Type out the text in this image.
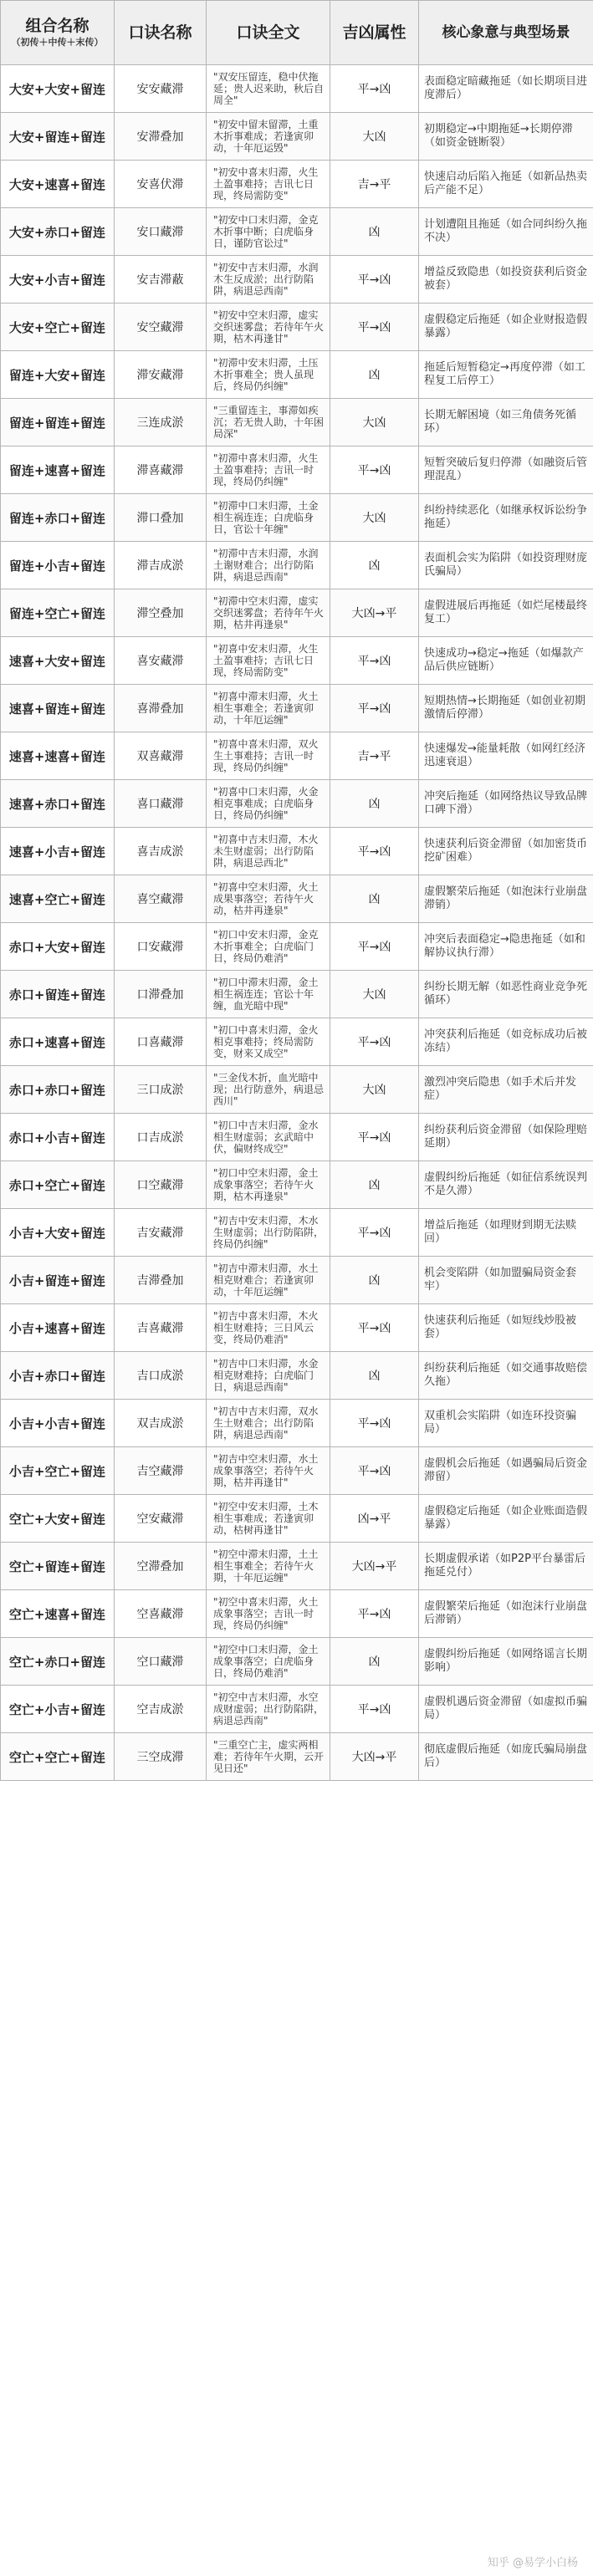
组合名称
（初传＋中传＋末传）	口诀名称	口诀全文	吉凶属性	核心象意与典型场景

大安+大安+留连	安安藏滞	"双安压留连，稳中伏拖延；贵人迟来助，秋后自周全"	平→凶	表面稳定暗藏拖延（如长期项目进度滞后）
大安+留连+留连	安滞叠加	"初安中留末留滞，土重木折事难成；若逢寅卯动，十年厄运毁"	大凶	初期稳定→中期拖延→长期停滞（如资金链断裂）
大安+速喜+留连	安喜伏滞	"初安中喜末归滞，火生土盈事难持；吉讯七日现，终局需防变"	吉→平	快速启动后陷入拖延（如新品热卖后产能不足）
大安+赤口+留连	安口藏滞	"初安中口末归滞，金克木折事中断；白虎临身日，谨防官讼过"	凶	计划遭阻且拖延（如合同纠纷久拖不决）
大安+小吉+留连	安吉滞蔽	"初安中吉末归滞，水润木生反成淤；出行防陷阱，病退忌西南"	平→凶	增益反致隐患（如投资获利后资金被套）
大安+空亡+留连	安空藏滞	"初安中空末归滞，虚实交织迷雾盘；若待年午火期，枯木再逢甘"	平→凶	虚假稳定后拖延（如企业财报造假暴露）
留连+大安+留连	滞安藏滞	"初滞中安末归滞，土压木折事难全；贵人虽现后，终局仍纠缠"	凶	拖延后短暂稳定→再度停滞（如工程复工后停工）
留连+留连+留连	三连成淤	"三重留连主，事滞如疾沉；若无贵人助，十年困局深"	大凶	长期无解困境（如三角债务死循环）
留连+速喜+留连	滞喜藏滞	"初滞中喜末归滞，火生土盈事难持；吉讯一时现，终局仍纠缠"	平→凶	短暂突破后复归停滞（如融资后管理混乱）
留连+赤口+留连	滞口叠加	"初滞中口末归滞，土金相生祸连连；白虎临身日，官讼十年缠"	大凶	纠纷持续恶化（如继承权诉讼纷争拖延）
留连+小吉+留连	滞吉成淤	"初滞中吉末归滞，水润土谢财难合；出行防陷阱，病退忌西南"	凶	表面机会实为陷阱（如投资理财庞氏骗局）
留连+空亡+留连	滞空叠加	"初滞中空末归滞，虚实交织迷雾盘；若待年午火期，枯井再逢泉"	大凶→平	虚假进展后再拖延（如烂尾楼最终复工）
速喜+大安+留连	喜安藏滞	"初喜中安末归滞，火生土盈事难持；吉讯七日现，终局需防变"	平→凶	快速成功→稳定→拖延（如爆款产品后供应链断）
速喜+留连+留连	喜滞叠加	"初喜中滞末归滞，火土相生事难全；若逢寅卯动，十年厄运缠"	平→凶	短期热情→长期拖延（如创业初期激情后停滞）
速喜+速喜+留连	双喜藏滞	"初喜中喜末归滞，双火生土事难持；吉讯一时现，终局仍纠缠"	吉→平	快速爆发→能量耗散（如网红经济迅速衰退）
速喜+赤口+留连	喜口藏滞	"初喜中口末归滞，火金相克事难成；白虎临身日，终局仍纠缠"	凶	冲突后拖延（如网络热议导致品牌口碑下滑）
速喜+小吉+留连	喜吉成淤	"初喜中吉末归滞，木火未生财虚弱；出行防陷阱，病退忌西北"	平→凶	快速获利后资金滞留（如加密货币挖矿困难）
速喜+空亡+留连	喜空藏滞	"初喜中空末归滞，火土成果事落空；若待午火动，枯井再逢泉"	凶	虚假繁荣后拖延（如泡沫行业崩盘滞销）
赤口+大安+留连	口安藏滞	"初口中安末归滞，金克木折事难全；白虎临门日，终局仍难消"	平→凶	冲突后表面稳定→隐患拖延（如和解协议执行滞）
赤口+留连+留连	口滞叠加	"初口中滞末归滞，金土相生祸连连；官讼十年缠，血光暗中现"	大凶	纠纷长期无解（如恶性商业竞争死循环）
赤口+速喜+留连	口喜藏滞	"初口中喜末归滞，金火相克事难持；终局需防变，财来又成空"	平→凶	冲突获利后拖延（如竞标成功后被冻结）
赤口+赤口+留连	三口成淤	"三金伐木折，血光暗中现；出行防意外，病退忌西川"	大凶	激烈冲突后隐患（如手术后并发症）
赤口+小吉+留连	口吉成淤	"初口中吉末归滞，金水相生财虚弱；玄武暗中伏，偏财终成空"	平→凶	纠纷获利后资金滞留（如保险理赔延期）
赤口+空亡+留连	口空藏滞	"初口中空末归滞，金土成象事落空；若待午火期，枯木再逢泉"	凶	虚假纠纷后拖延（如征信系统误判不是久滞）
小吉+大安+留连	吉安藏滞	"初吉中安末归滞，木水生财虚弱；出行防陷阱，终局仍纠缠"	平→凶	增益后拖延（如理财到期无法赎回）
小吉+留连+留连	吉滞叠加	"初吉中滞末归滞，水土相克财难合；若逢寅卯动，十年厄运缠"	凶	机会变陷阱（如加盟骗局资金套牢）
小吉+速喜+留连	吉喜藏滞	"初吉中喜末归滞，木火相生财难持；三日风云变，终局仍难消"	平→凶	快速获利后拖延（如短线炒股被套）
小吉+赤口+留连	吉口成淤	"初吉中口末归滞，水金相克财难持；白虎临门日，病退忌西南"	凶	纠纷获利后拖延（如交通事故赔偿久拖）
小吉+小吉+留连	双吉成淤	"初吉中吉末归滞，双水生土财难合；出行防陷阱，病退忌西南"	平→凶	双重机会实陷阱（如连环投资骗局）
小吉+空亡+留连	吉空藏滞	"初吉中空末归滞，水土成象事落空；若待午火期，枯井再逢甘"	平→凶	虚假机会后拖延（如遇骗局后资金滞留）
空亡+大安+留连	空安藏滞	"初空中安末归滞，土木相生事难成；若逢寅卯动，枯树再逢甘"	凶→平	虚假稳定后拖延（如企业账面造假暴露）
空亡+留连+留连	空滞叠加	"初空中滞末归滞，土土相生事难全；若待午火期，十年厄运缠"	大凶→平	长期虚假承诺（如P2P平台暴雷后拖延兑付）
空亡+速喜+留连	空喜藏滞	"初空中喜末归滞，火土成象事落空；吉讯一时现，终局仍纠缠"	平→凶	虚假繁荣后拖延（如泡沫行业崩盘后滞销）
空亡+赤口+留连	空口藏滞	"初空中口末归滞，金土成象事落空；白虎临身日，终局仍难消"	凶	虚假纠纷后拖延（如网络谣言长期影响）
空亡+小吉+留连	空吉成淤	"初空中吉末归滞，水空成财虚弱；出行防陷阱，病退忌西南"	平→凶	虚假机遇后资金滞留（如虚拟币骗局）
空亡+空亡+留连	三空成滞	"三重空亡主，虚实两相难；若待年午火期，云开见日还"	大凶→平	彻底虚假后拖延（如庞氏骗局崩盘后）
知乎 @易学小白杨
